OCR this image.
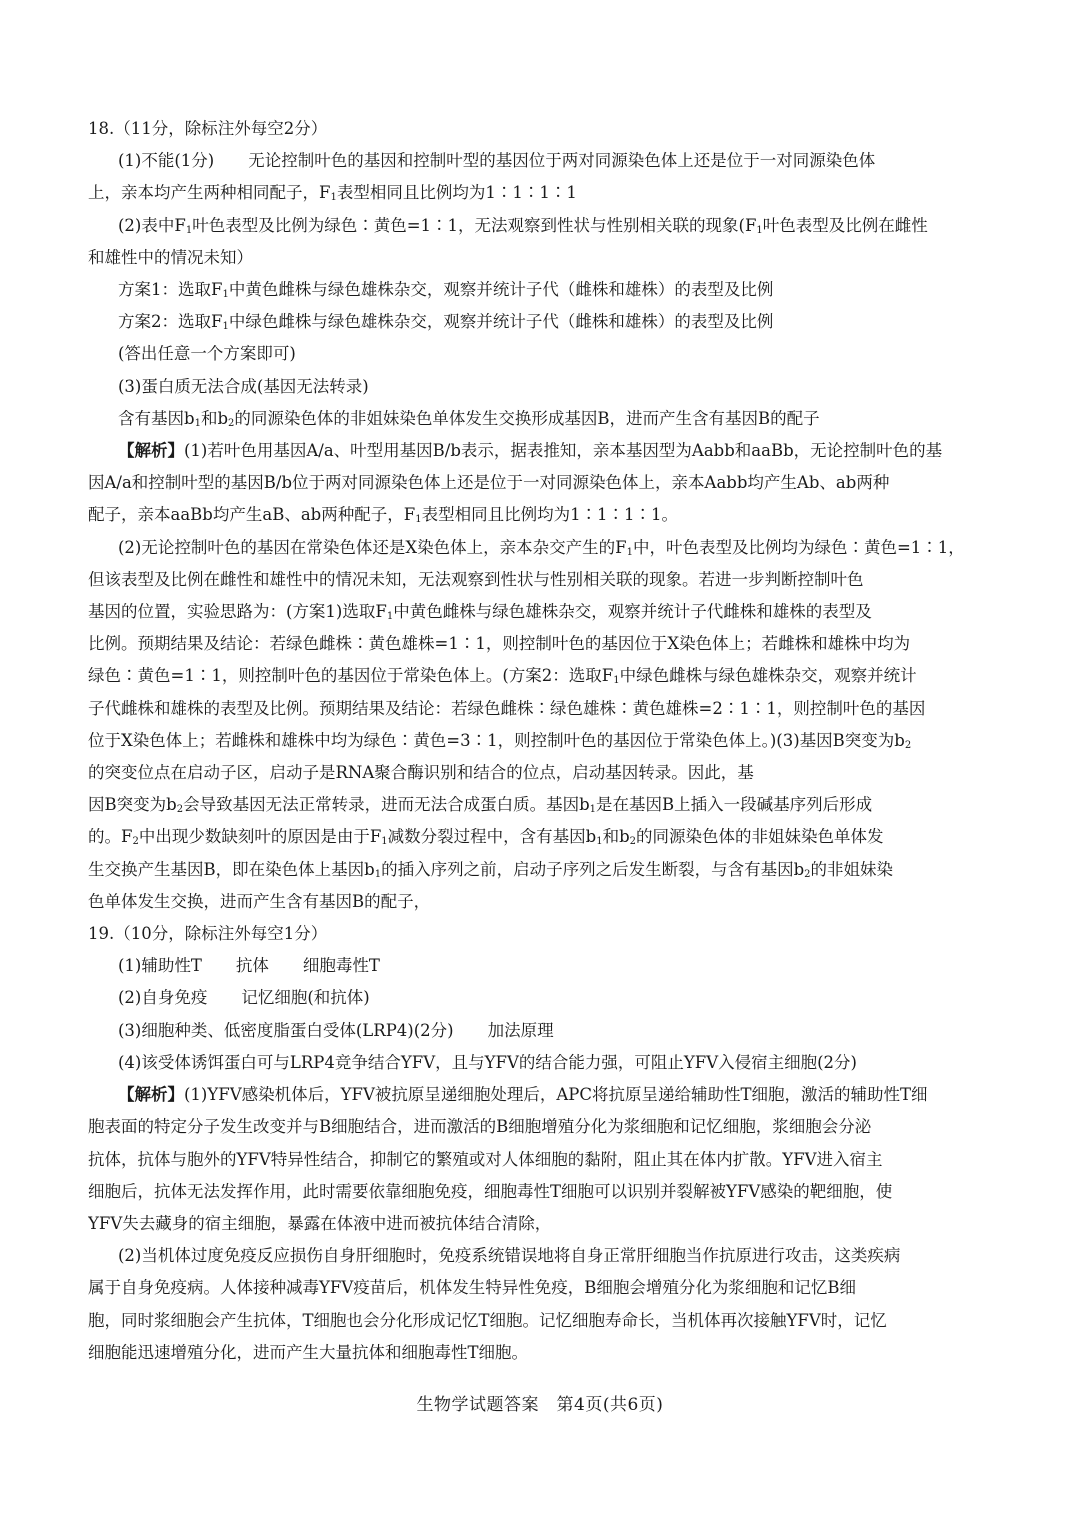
18.（11分，除标注外每空2分）
(1)不能(1分) 无论控制叶色的基因和控制叶型的基因位于两对同源染色体上还是位于一对同源染色体
上，亲本均产生两种相同配子，$F_1$表型相同且比例均为1∶1∶1∶1
(2)表中$F_1$叶色表型及比例为绿色∶黄色=1∶1，无法观察到性状与性别相关联的现象($F_1$叶色表型及比例在雌性
和雄性中的情况未知）
方案1：选取$F_1$中黄色雌株与绿色雄株杂交，观察并统计子代（雌株和雄株）的表型及比例
方案2：选取$F_1$中绿色雌株与绿色雄株杂交，观察并统计子代（雌株和雄株）的表型及比例
(答出任意一个方案即可)
(3)蛋白质无法合成(基因无法转录)
含有基因$b_1$和$b_2$的同源染色体的非姐妹染色单体发生交换形成基因B，进而产生含有基因B的配子
【解析】(1)若叶色用基因A/a、叶型用基因B/b表示，据表推知，亲本基因型为Aabb和aaBb，无论控制叶色的基
因A/a和控制叶型的基因B/b位于两对同源染色体上还是位于一对同源染色体上，亲本Aabb均产生Ab、ab两种
配子，亲本aaBb均产生aB、ab两种配子，$F_1$表型相同且比例均为1∶1∶1∶1。
(2)无论控制叶色的基因在常染色体还是X染色体上，亲本杂交产生的$F_1$中，叶色表型及比例均为绿色∶黄色=1∶1，
但该表型及比例在雌性和雄性中的情况未知，无法观察到性状与性别相关联的现象。若进一步判断控制叶色
基因的位置，实验思路为：(方案1)选取$F_1$中黄色雌株与绿色雄株杂交，观察并统计子代雌株和雄株的表型及
比例。预期结果及结论：若绿色雌株∶黄色雄株=1∶1，则控制叶色的基因位于X染色体上；若雌株和雄株中均为
绿色∶黄色=1∶1，则控制叶色的基因位于常染色体上。(方案2：选取$F_1$中绿色雌株与绿色雄株杂交，观察并统计
子代雌株和雄株的表型及比例。预期结果及结论：若绿色雌株∶绿色雄株∶黄色雄株=2∶1∶1，则控制叶色的基因
位于X染色体上；若雌株和雄株中均为绿色∶黄色=3∶1，则控制叶色的基因位于常染色体上。)(3)基因B突变为$b_2$
的突变位点在启动子区，启动子是RNA聚合酶识别和结合的位点，启动基因转录。因此，基
因B突变为$b_2$会导致基因无法正常转录，进而无法合成蛋白质。基因$b_1$是在基因B上插入一段碱基序列后形成
的。$F_2$中出现少数缺刻叶的原因是由于$F_1$减数分裂过程中，含有基因$b_1$和$b_2$的同源染色体的非姐妹染色单体发
生交换产生基因B，即在染色体上基因$b_1$的插入序列之前，启动子序列之后发生断裂，与含有基因$b_2$的非姐妹染
色单体发生交换，进而产生含有基因B的配子，
19.（10分，除标注外每空1分）
(1)辅助性T 抗体 细胞毒性T
(2)自身免疫 记忆细胞(和抗体)
(3)细胞种类、低密度脂蛋白受体(LRP4)(2分) 加法原理
(4)该受体诱饵蛋白可与LRP4竞争结合YFV，且与YFV的结合能力强，可阻止YFV入侵宿主细胞(2分)
【解析】(1)YFV感染机体后，YFV被抗原呈递细胞处理后，APC将抗原呈递给辅助性T细胞，激活的辅助性T细
胞表面的特定分子发生改变并与B细胞结合，进而激活的B细胞增殖分化为浆细胞和记忆细胞，浆细胞会分泌
抗体，抗体与胞外的YFV特异性结合，抑制它的繁殖或对人体细胞的黏附，阻止其在体内扩散。YFV进入宿主
细胞后，抗体无法发挥作用，此时需要依靠细胞免疫，细胞毒性T细胞可以识别并裂解被YFV感染的靶细胞，使
YFV失去藏身的宿主细胞，暴露在体液中进而被抗体结合清除，
(2)当机体过度免疫反应损伤自身肝细胞时，免疫系统错误地将自身正常肝细胞当作抗原进行攻击，这类疾病
属于自身免疫病。人体接种减毒YFV疫苗后，机体发生特异性免疫，B细胞会增殖分化为浆细胞和记忆B细
胞，同时浆细胞会产生抗体，T细胞也会分化形成记忆T细胞。记忆细胞寿命长，当机体再次接触YFV时，记忆
细胞能迅速增殖分化，进而产生大量抗体和细胞毒性T细胞。
生物学试题答案　第4页(共6页)
